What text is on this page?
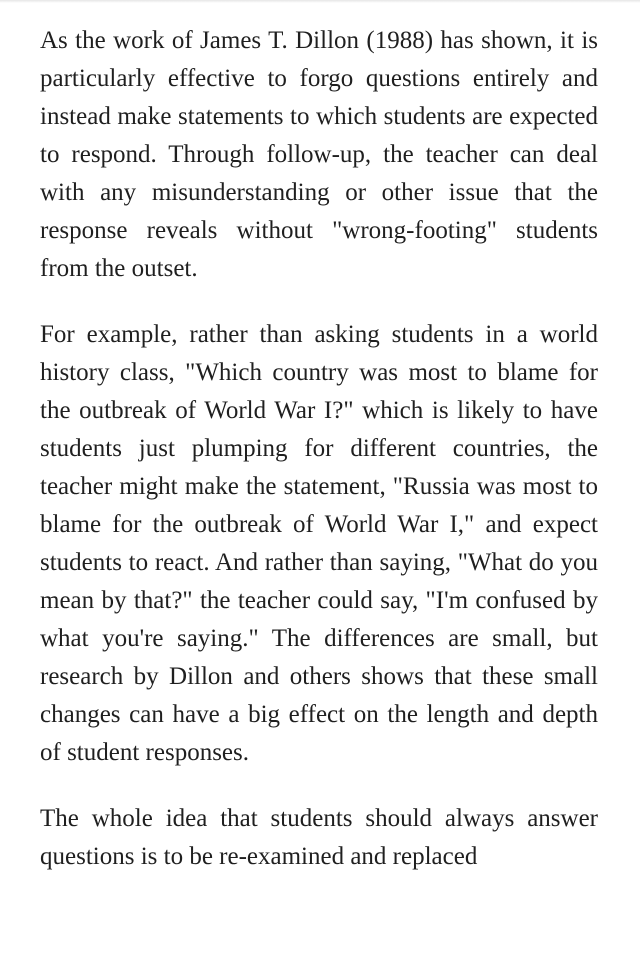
As the work of James T. Dillon (1988) has shown, it is particularly effective to forgo questions entirely and instead make statements to which students are expected to respond. Through follow-up, the teacher can deal with any misunderstanding or other issue that the response reveals without "wrong-footing" students from the outset.

For example, rather than asking students in a world history class, "Which country was most to blame for the outbreak of World War I?" which is likely to have students just plumping for different countries, the teacher might make the statement, "Russia was most to blame for the outbreak of World War I," and expect students to react. And rather than saying, "What do you mean by that?" the teacher could say, "I'm confused by what you're saying." The differences are small, but research by Dillon and others shows that these small changes can have a big effect on the length and depth of student responses.

The whole idea that students should always answer questions is to be re-examined and replaced
